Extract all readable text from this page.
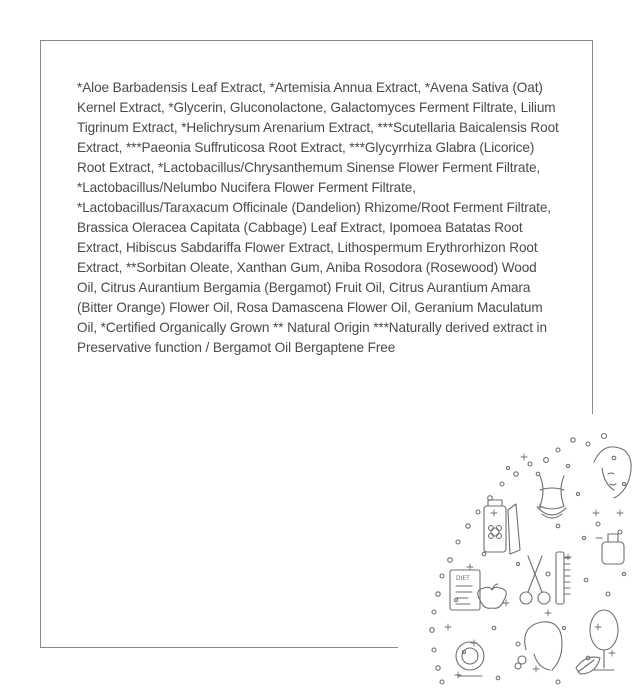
*Aloe Barbadensis Leaf Extract, *Artemisia Annua Extract, *Avena Sativa (Oat) Kernel Extract, *Glycerin, Gluconolactone, Galactomyces Ferment Filtrate, Lilium Tigrinum Extract, *Helichrysum Arenarium Extract, ***Scutellaria Baicalensis Root Extract, ***Paeonia Suffruticosa Root Extract, ***Glycyrrhiza Glabra (Licorice) Root Extract, *Lactobacillus/Chrysanthemum Sinense Flower Ferment Filtrate, *Lactobacillus/Nelumbo Nucifera Flower Ferment Filtrate, *Lactobacillus/Taraxacum Officinale (Dandelion) Rhizome/Root Ferment Filtrate, Brassica Oleracea Capitata (Cabbage) Leaf Extract, Ipomoea Batatas Root Extract, Hibiscus Sabdariffa Flower Extract, Lithospermum Erythrorhizon Root Extract, **Sorbitan Oleate, Xanthan Gum, Aniba Rosodora (Rosewood) Wood Oil, Citrus Aurantium Bergamia (Bergamot) Fruit Oil, Citrus Aurantium Amara (Bitter Orange) Flower Oil, Rosa Damascena Flower Oil, Geranium Maculatum Oil, *Certified Organically Grown ** Natural Origin ***Naturally derived extract in Preservative function / Bergamot Oil Bergaptene Free

DIET
